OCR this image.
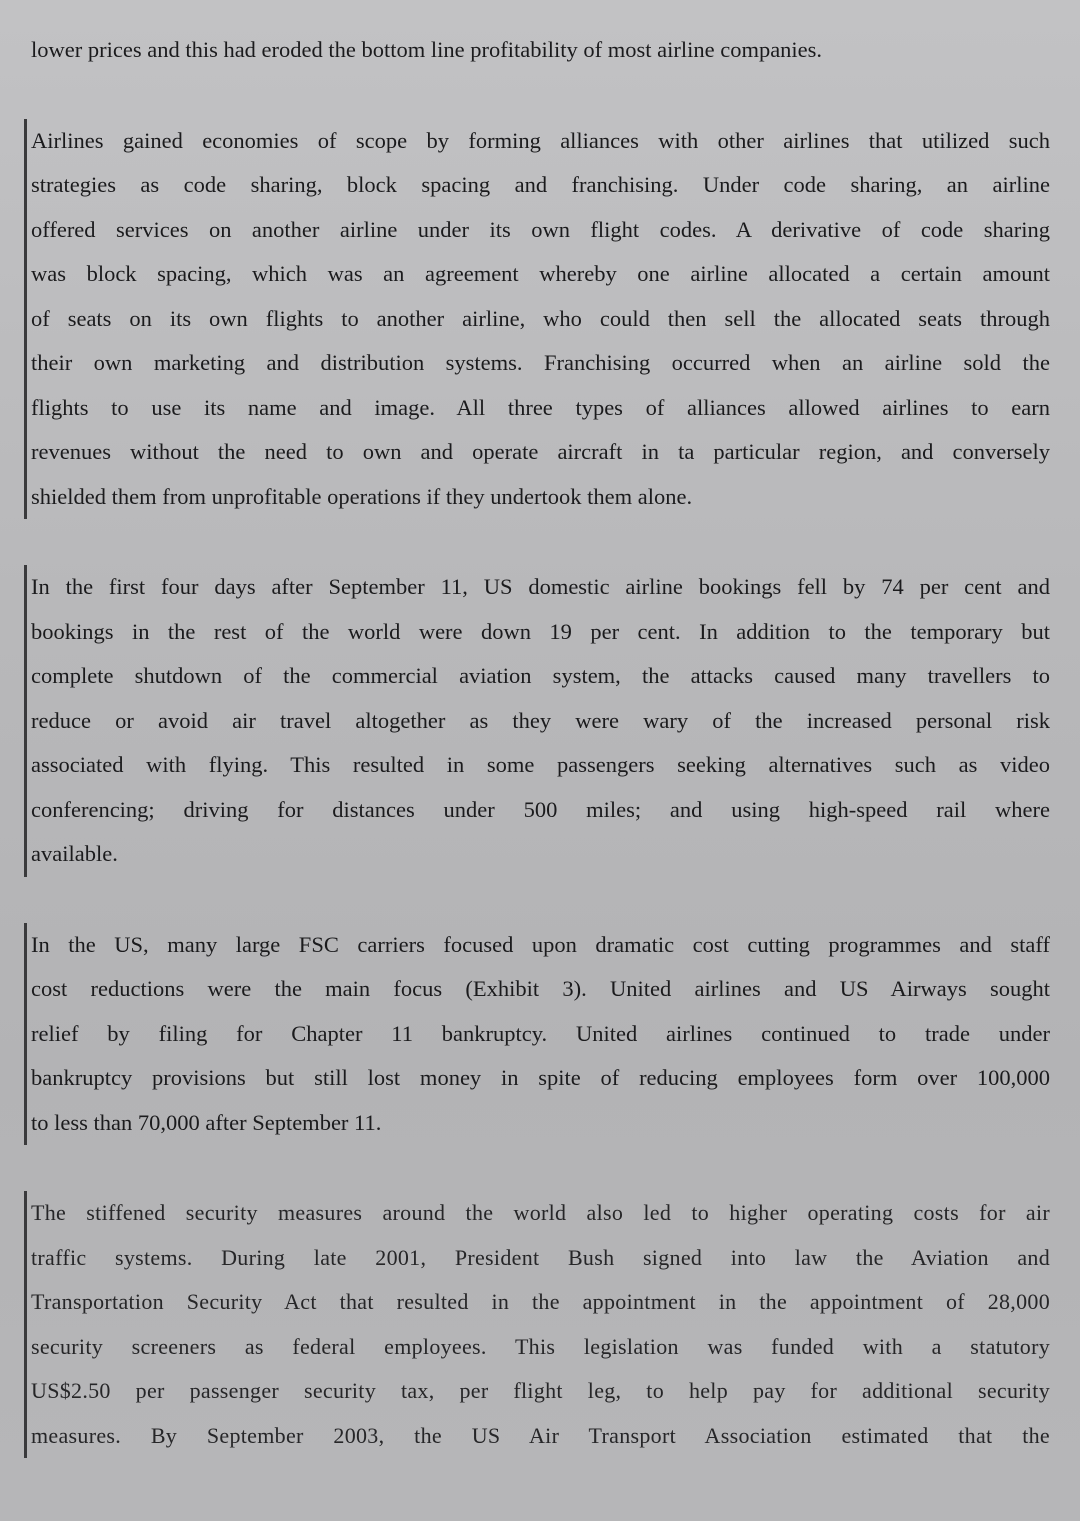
lower prices and this had eroded the bottom line profitability of most airline companies.
Airlines gained economies of scope by forming alliances with other airlines that utilized such
strategies as code sharing, block spacing and franchising. Under code sharing, an airline
offered services on another airline under its own flight codes. A derivative of code sharing
was block spacing, which was an agreement whereby one airline allocated a certain amount
of seats on its own flights to another airline, who could then sell the allocated seats through
their own marketing and distribution systems. Franchising occurred when an airline sold the
flights to use its name and image. All three types of alliances allowed airlines to earn
revenues without the need to own and operate aircraft in ta particular region, and conversely
shielded them from unprofitable operations if they undertook them alone.
In the first four days after September 11, US domestic airline bookings fell by 74 per cent and
bookings in the rest of the world were down 19 per cent. In addition to the temporary but
complete shutdown of the commercial aviation system, the attacks caused many travellers to
reduce or avoid air travel altogether as they were wary of the increased personal risk
associated with flying. This resulted in some passengers seeking alternatives such as video
conferencing; driving for distances under 500 miles; and using high-speed rail where
available.
In the US, many large FSC carriers focused upon dramatic cost cutting programmes and staff
cost reductions were the main focus (Exhibit 3). United airlines and US Airways sought
relief by filing for Chapter 11 bankruptcy. United airlines continued to trade under
bankruptcy provisions but still lost money in spite of reducing employees form over 100,000
to less than 70,000 after September 11.
The stiffened security measures around the world also led to higher operating costs for air
traffic systems. During late 2001, President Bush signed into law the Aviation and
Transportation Security Act that resulted in the appointment in the appointment of 28,000
security screeners as federal employees. This legislation was funded with a statutory
US$2.50 per passenger security tax, per flight leg, to help pay for additional security
measures. By September 2003, the US Air Transport Association estimated that the
